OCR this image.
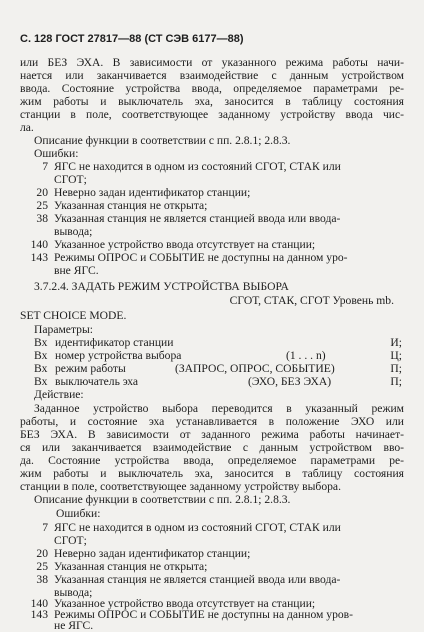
С. 128 ГОСТ 27817—88 (СТ СЭВ 6177—88)
или БЕЗ ЭХА. В зависимости от указанного режима работы начи-
нается или заканчивается взаимодействие с данным устройством
ввода. Состояние устройства ввода, определяемое параметрами ре-
жим работы и выключатель эха, заносится в таблицу состояния
станции в поле, соответствующее заданному устройству ввода чис-
ла.
Описание функции в соответствии с пп. 2.8.1; 2.8.3.
Ошибки:
7 ЯГС не находится в одном из состояний СГОТ, СТАК или
СГОТ;
20 Неверно задан идентификатор станции;
25 Указанная станция не открыта;
38 Указанная станция не является станцией ввода или ввода-
вывода;
140 Указанное устройство ввода отсутствует на станции;
143 Режимы ОПРОС и СОБЫТИЕ не доступны на данном уро-
вне ЯГС.
3.7.2.4. ЗАДАТЬ РЕЖИМ УСТРОЙСТВА ВЫБОРА
СГОТ, СТАК, СГОТ Уровень mb.
SET CHOICE MODE.
Параметры:
Вх идентификатор станции	И;
Вх номер устройства выбора	(1 . . . n)	Ц;
Вх режим работы	(ЗАПРОС, ОПРОС, СОБЫТИЕ)	П;
Вх выключатель эха	(ЭХО, БЕЗ ЭХА)	П;
Действие:
Заданное устройство выбора переводится в указанный режим
работы, и состояние эха устанавливается в положение ЭХО или
БЕЗ ЭХА. В зависимости от заданного режима работы начинает-
ся или заканчивается взаимодействие с данным устройством вво-
да. Состояние устройства ввода, определяемое параметрами ре-
жим работы и выключатель эха, заносится в таблицу состояния
станции в поле, соответствующее заданному устройству выбора.
Описание функции в соответствии с пп. 2.8.1; 2.8.3.
Ошибки:
7 ЯГС не находится в одном из состояний СГОТ, СТАК или
СГОТ;
20 Неверно задан идентификатор станции;
25 Указанная станция не открыта;
38 Указанная станция не является станцией ввода или ввода-
вывода;
140 Указанное устройство ввода отсутствует на станции;
143 Режимы ОПРОС и СОБЫТИЕ не доступны на данном уров-
не ЯГС.
